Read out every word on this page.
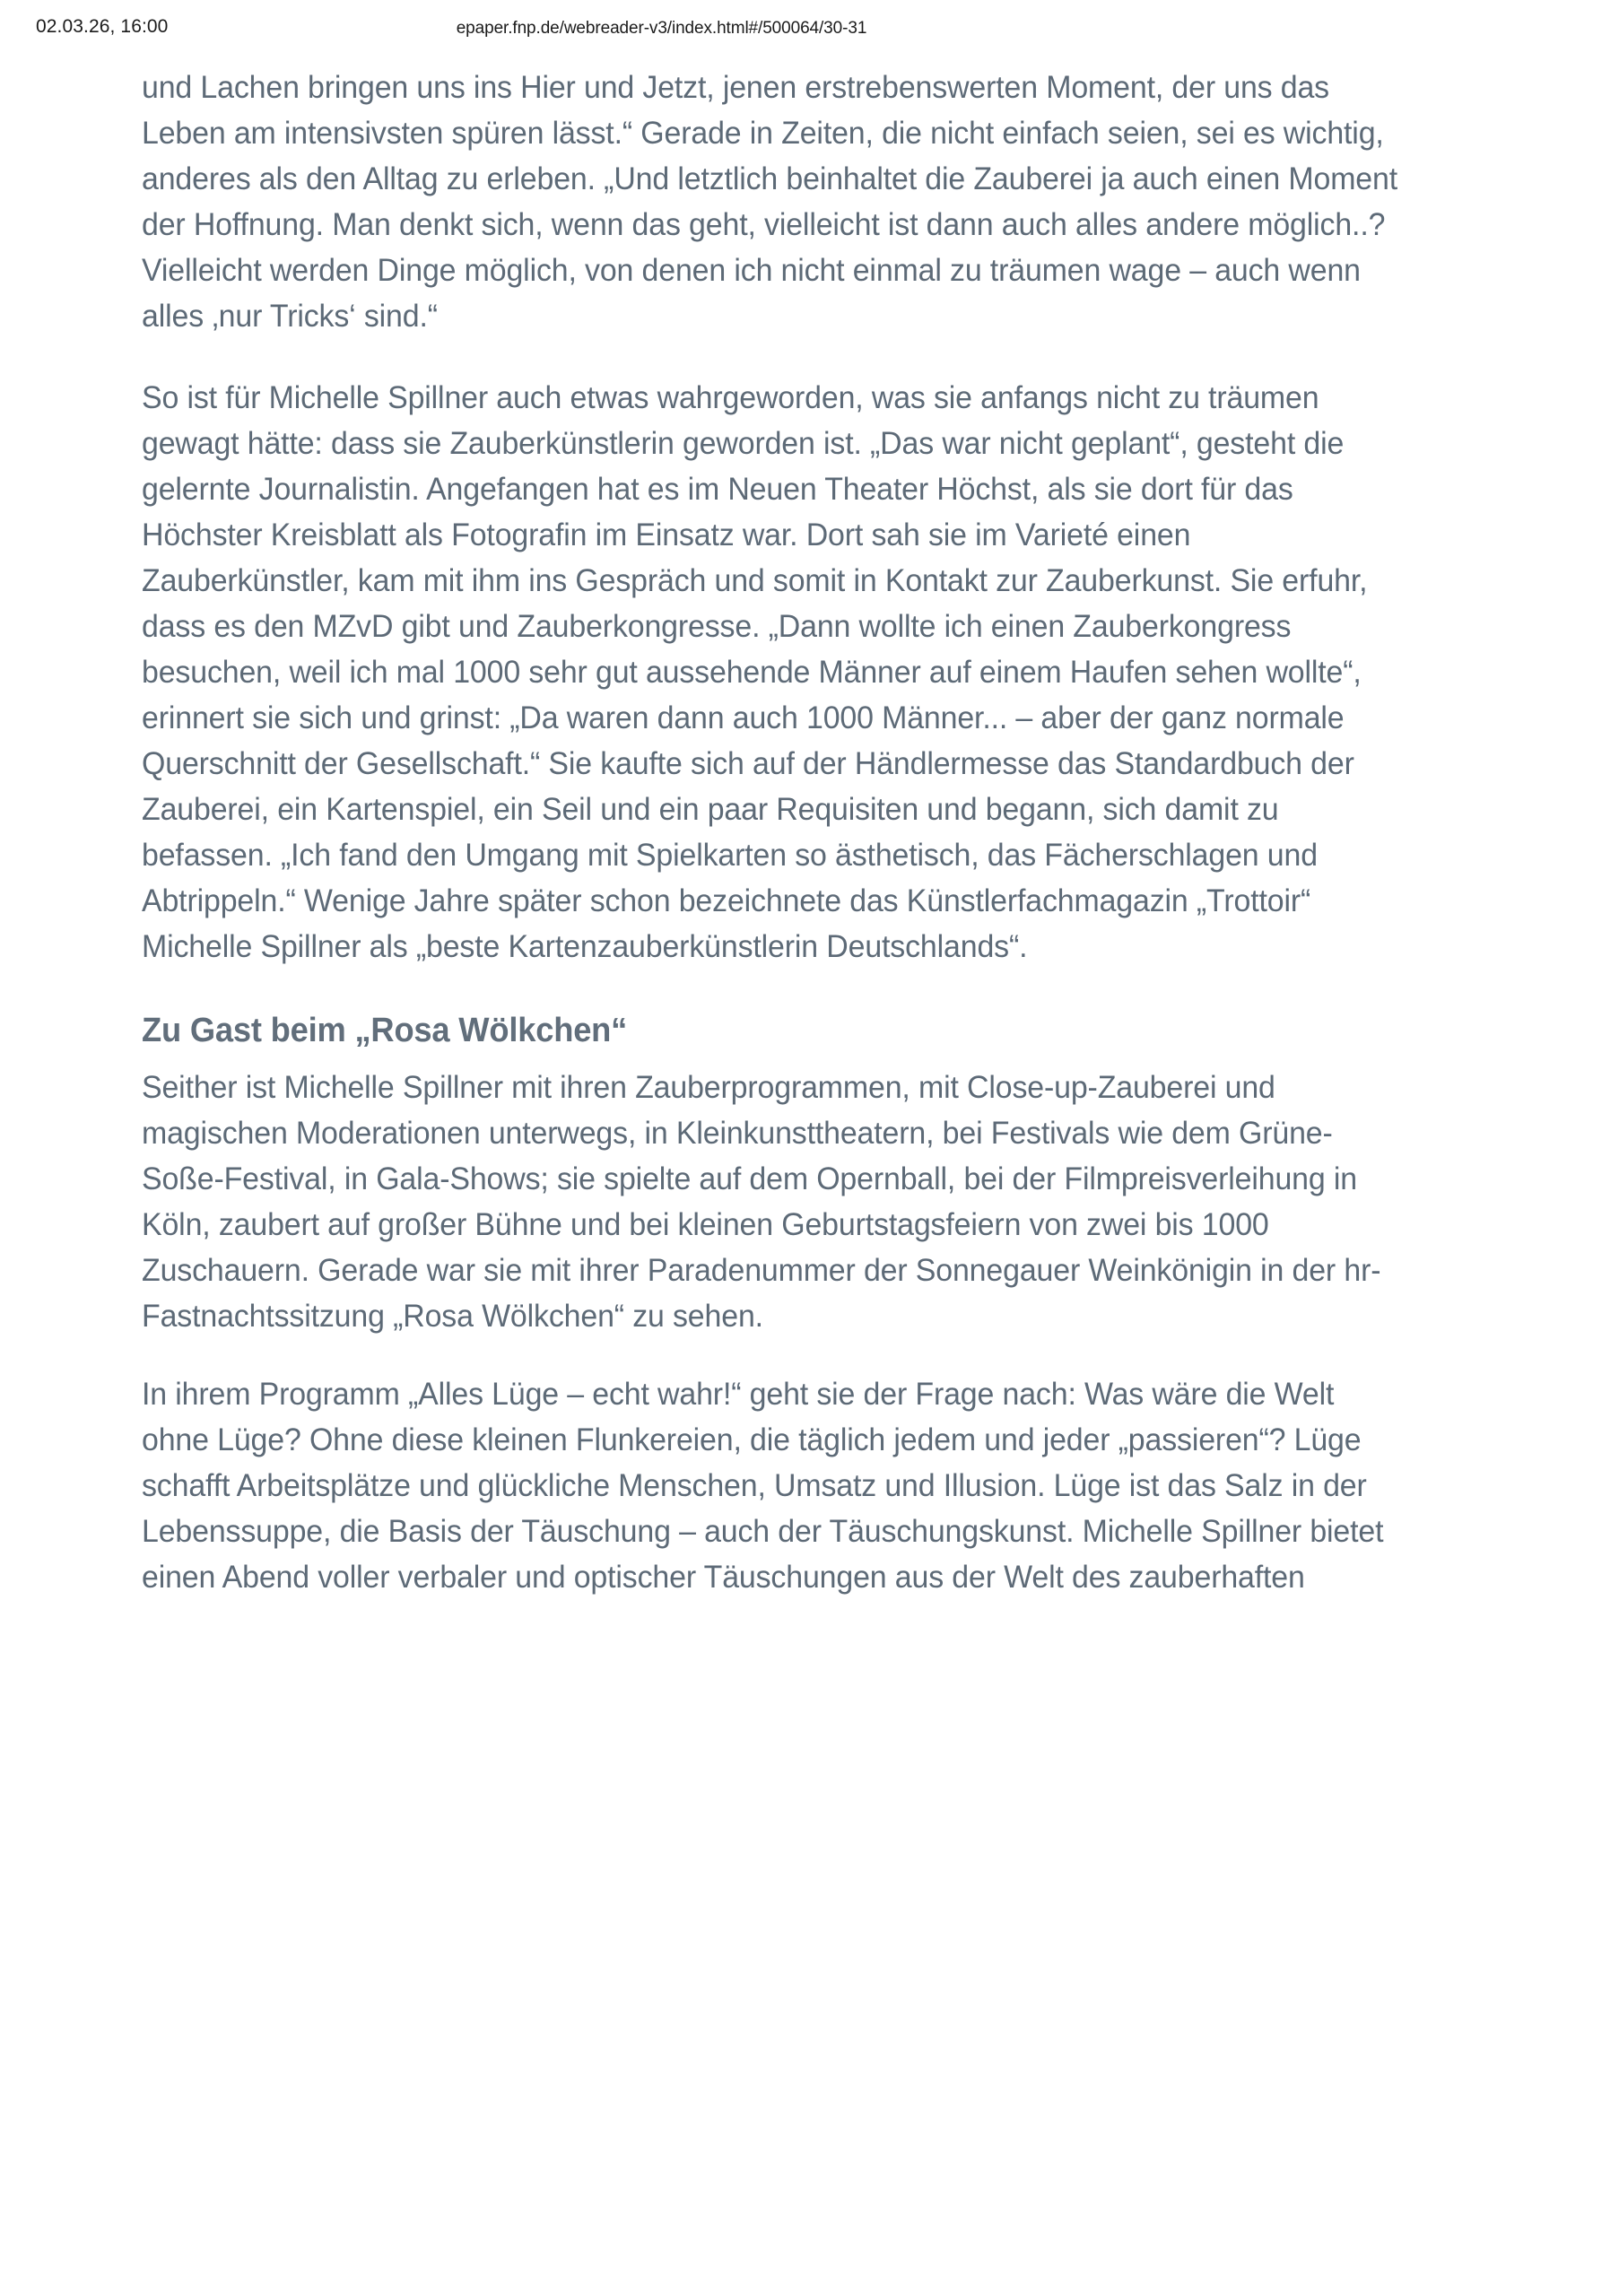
02.03.26, 16:00	epaper.fnp.de/webreader-v3/index.html#/500064/30-31

und Lachen bringen uns ins Hier und Jetzt, jenen erstrebenswerten Moment, der uns das Leben am intensivsten spüren lässt.“ Gerade in Zeiten, die nicht einfach seien, sei es wichtig, anderes als den Alltag zu erleben. „Und letztlich beinhaltet die Zauberei ja auch einen Moment der Hoffnung. Man denkt sich, wenn das geht, vielleicht ist dann auch alles andere möglich..? Vielleicht werden Dinge möglich, von denen ich nicht einmal zu träumen wage – auch wenn alles ‚nur Tricks‘ sind.“

So ist für Michelle Spillner auch etwas wahrgeworden, was sie anfangs nicht zu träumen gewagt hätte: dass sie Zauberkünstlerin geworden ist. „Das war nicht geplant“, gesteht die gelernte Journalistin. Angefangen hat es im Neuen Theater Höchst, als sie dort für das Höchster Kreisblatt als Fotografin im Einsatz war. Dort sah sie im Varieté einen Zauberkünstler, kam mit ihm ins Gespräch und somit in Kontakt zur Zauberkunst. Sie erfuhr, dass es den MZvD gibt und Zauberkongresse. „Dann wollte ich einen Zauberkongress besuchen, weil ich mal 1000 sehr gut aussehende Männer auf einem Haufen sehen wollte“, erinnert sie sich und grinst: „Da waren dann auch 1000 Männer... – aber der ganz normale Querschnitt der Gesellschaft.“ Sie kaufte sich auf der Händlermesse das Standardbuch der Zauberei, ein Kartenspiel, ein Seil und ein paar Requisiten und begann, sich damit zu befassen. „Ich fand den Umgang mit Spielkarten so ästhetisch, das Fächerschlagen und Abtrippeln.“ Wenige Jahre später schon bezeichnete das Künstlerfachmagazin „Trottoir“ Michelle Spillner als „beste Kartenzauberkünstlerin Deutschlands“.

Zu Gast beim „Rosa Wölkchen“

Seither ist Michelle Spillner mit ihren Zauberprogrammen, mit Close-up-Zauberei und magischen Moderationen unterwegs, in Kleinkunsttheatern, bei Festivals wie dem Grüne-Soße-Festival, in Gala-Shows; sie spielte auf dem Opernball, bei der Filmpreisverleihung in Köln, zaubert auf großer Bühne und bei kleinen Geburtstagsfeiern von zwei bis 1000 Zuschauern. Gerade war sie mit ihrer Paradenummer der Sonnegauer Weinkönigin in der hr-Fastnachtssitzung „Rosa Wölkchen“ zu sehen.

In ihrem Programm „Alles Lüge – echt wahr!“ geht sie der Frage nach: Was wäre die Welt ohne Lüge? Ohne diese kleinen Flunkereien, die täglich jedem und jeder „passieren“? Lüge schafft Arbeitsplätze und glückliche Menschen, Umsatz und Illusion. Lüge ist das Salz in der Lebenssuppe, die Basis der Täuschung – auch der Täuschungskunst. Michelle Spillner bietet einen Abend voller verbaler und optischer Täuschungen aus der Welt des zauberhaften
